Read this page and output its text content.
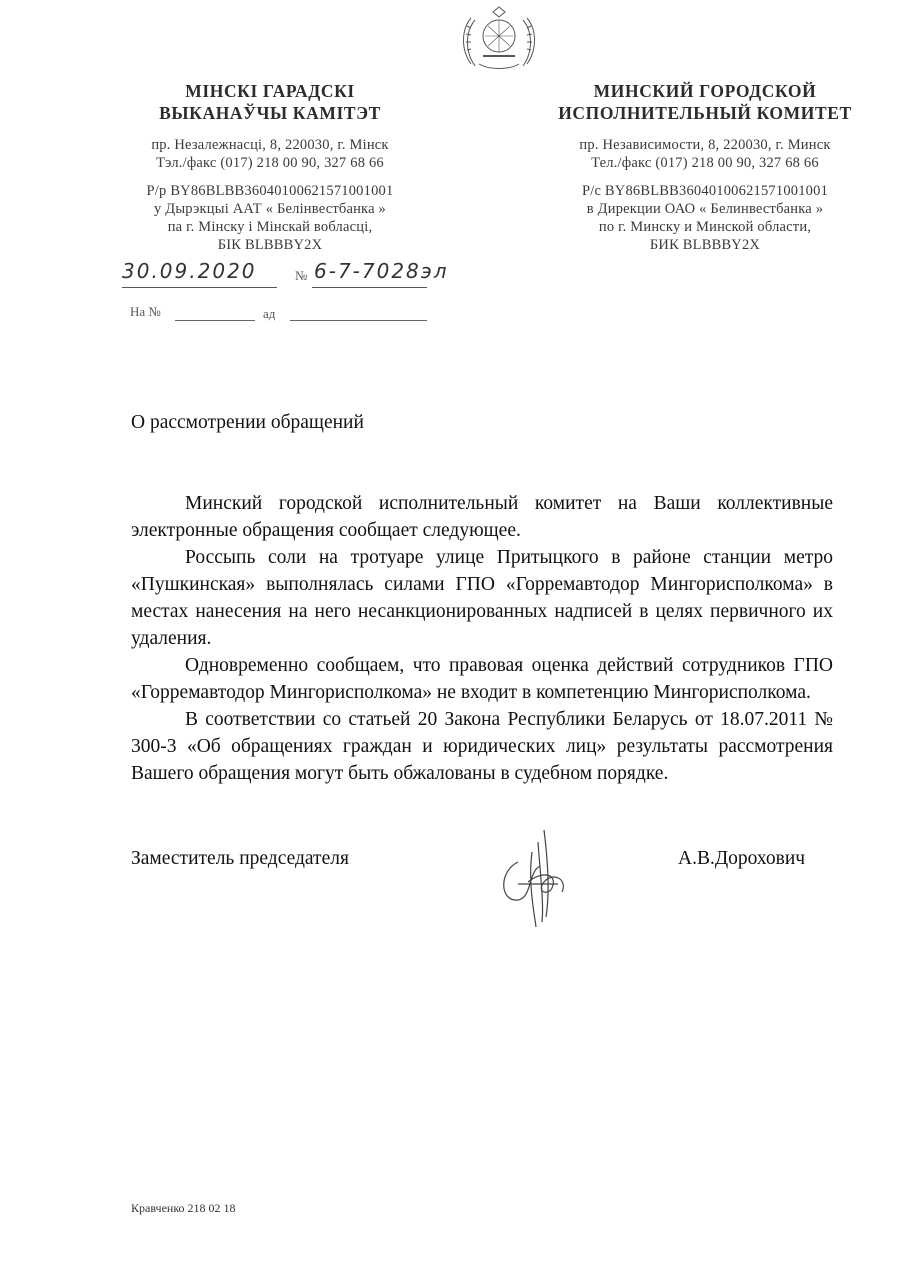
МІНСКІ ГАРАДСКІ
ВЫКАНАЎЧЫ КАМІТЭТ
пр. Незалежнасці, 8, 220030, г. Мінск
Тэл./факс (017) 218 00 90, 327 68 66
Р/р BY86BLBB36040100621571001001
у Дырэкцыі ААТ « Белінвестбанка »
па г. Мінску і Мінскай вобласці,
БІК BLBBBY2X
МИНСКИЙ ГОРОДСКОЙ
ИСПОЛНИТЕЛЬНЫЙ КОМИТЕТ
пр. Независимости, 8, 220030, г. Минск
Тел./факс (017) 218 00 90, 327 68 66
Р/с BY86BLBB36040100621571001001
в Дирекции ОАО « Белинвестбанка »
по г. Минску и Минской области,
БИК BLBBBY2X
30.09.2020	№ 6-7-7028эл
На №	ад
О рассмотрении обращений

Минский городской исполнительный комитет на Ваши коллективные электронные обращения сообщает следующее.

Россыпь соли на тротуаре улице Притыцкого в районе станции метро «Пушкинская» выполнялась силами ГПО «Горремавтодор Мингорисполкома» в местах нанесения на него несанкционированных надписей в целях первичного их удаления.

Одновременно сообщаем, что правовая оценка действий сотрудников ГПО «Горремавтодор Мингорисполкома» не входит в компетенцию Мингорисполкома.

В соответствии со статьей 20 Закона Республики Беларусь от 18.07.2011 № 300-3 «Об обращениях граждан и юридических лиц» результаты рассмотрения Вашего обращения могут быть обжалованы в судебном порядке.

Заместитель председателя	А.В.Дорохович
Кравченко 218 02 18
